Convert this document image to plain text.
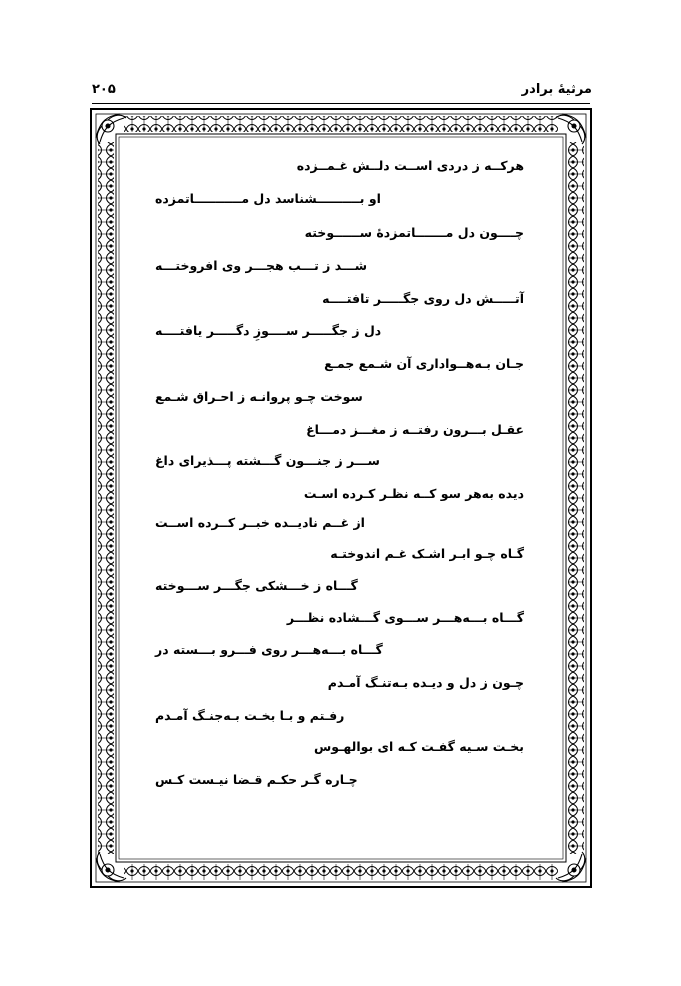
مرثیهٔ برادر
۲۰۵
هرکــه ز دردی اســت دلــش غـمــزده
او بــــــــــشناسد دل مـــــــــــاتمزده
چــــون دل مـــــــاتمزدهٔ ســــــوخته
شـــد ز تـــب هجـــر وی افروختـــه
آتـــــش دل روی جگـــــر تافتــــه
دل ز جگـــــر ســــوزِ دگـــــر یافتــــه
جـان بـه‌هــواداری آن شـمع جمـع
سوخت چـو پروانـه ز احـراق شـمع
عقـل بـــرون رفتــه ز مغـــز دمـــاغ
ســـر ز جنـــون گـــشته پـــذیرای داغ
دیده به‌هر سو کــه نظـر کـرده اسـت
از غــم نادیــده خبــر کــرده اســت
گـاه چـو ابـر اشـک غـم اندوختـه
گـــاه ز خـــشکی جگـــر ســـوخته
گـــاه بـــه‌هـــر ســـوی گـــشاده نظـــر
گـــاه بـــه‌هـــر روی فـــرو بـــسته در
چـون ز دل و دیـده بـه‌تنـگ آمـدم
رفـتم و بـا بخـت بـه‌جنـگ آمـدم
بخـت سـیه گفـت کـه ای بوالهـوس
چـاره گـر حکـم قـضا نیـست کـس
